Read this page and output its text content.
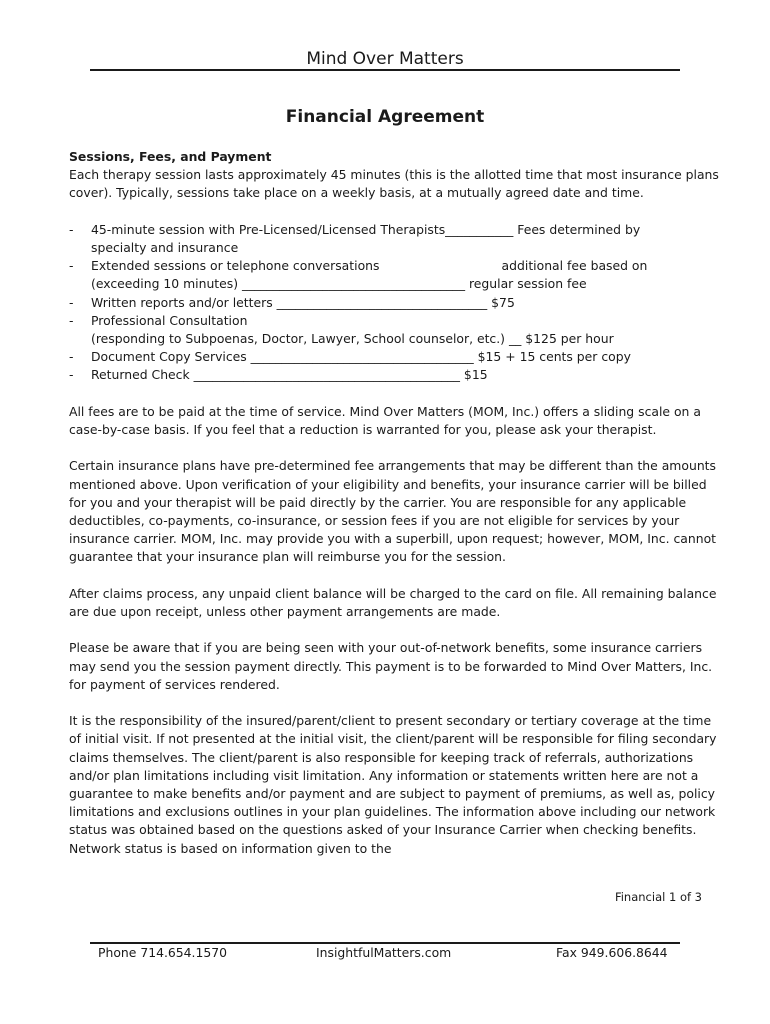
Mind Over Matters
Financial Agreement
Sessions, Fees, and Payment
Each therapy session lasts approximately 45 minutes (this is the allotted time that most insurance plans cover). Typically, sessions take place on a weekly basis, at a mutually agreed date and time.
-	45-minute session with Pre-Licensed/Licensed Therapists___________ Fees determined by
specialty and insurance
-	Extended sessions or telephone conversations                               additional fee based on
(exceeding 10 minutes) ____________________________________ regular session fee
-	Written reports and/or letters __________________________________ $75
-	Professional Consultation
(responding to Subpoenas, Doctor, Lawyer, School counselor, etc.) __ $125 per hour
-	Document Copy Services ____________________________________ $15 + 15 cents per copy
-	Returned Check ___________________________________________ $15

All fees are to be paid at the time of service. Mind Over Matters (MOM, Inc.) offers a sliding scale on a case-by-case basis. If you feel that a reduction is warranted for you, please ask your therapist.

Certain insurance plans have pre-determined fee arrangements that may be different than the amounts mentioned above. Upon verification of your eligibility and benefits, your insurance carrier will be billed for you and your therapist will be paid directly by the carrier. You are responsible for any applicable deductibles, co-payments, co-insurance, or session fees if you are not eligible for services by your insurance carrier. MOM, Inc. may provide you with a superbill, upon request; however, MOM, Inc. cannot guarantee that your insurance plan will reimburse you for the session.

After claims process, any unpaid client balance will be charged to the card on file. All remaining balance are due upon receipt, unless other payment arrangements are made.

Please be aware that if you are being seen with your out-of-network benefits, some insurance carriers may send you the session payment directly. This payment is to be forwarded to Mind Over Matters, Inc. for payment of services rendered.

It is the responsibility of the insured/parent/client to present secondary or tertiary coverage at the time of initial visit. If not presented at the initial visit, the client/parent will be responsible for filing secondary claims themselves. The client/parent is also responsible for keeping track of referrals, authorizations and/or plan limitations including visit limitation. Any information or statements written here are not a guarantee to make benefits and/or payment and are subject to payment of premiums, as well as, policy limitations and exclusions outlines in your plan guidelines. The information above including our network status was obtained based on the questions asked of your Insurance Carrier when checking benefits. Network status is based on information given to the

Financial 1 of 3
Phone 714.654.1570	InsightfulMatters.com	Fax 949.606.8644
